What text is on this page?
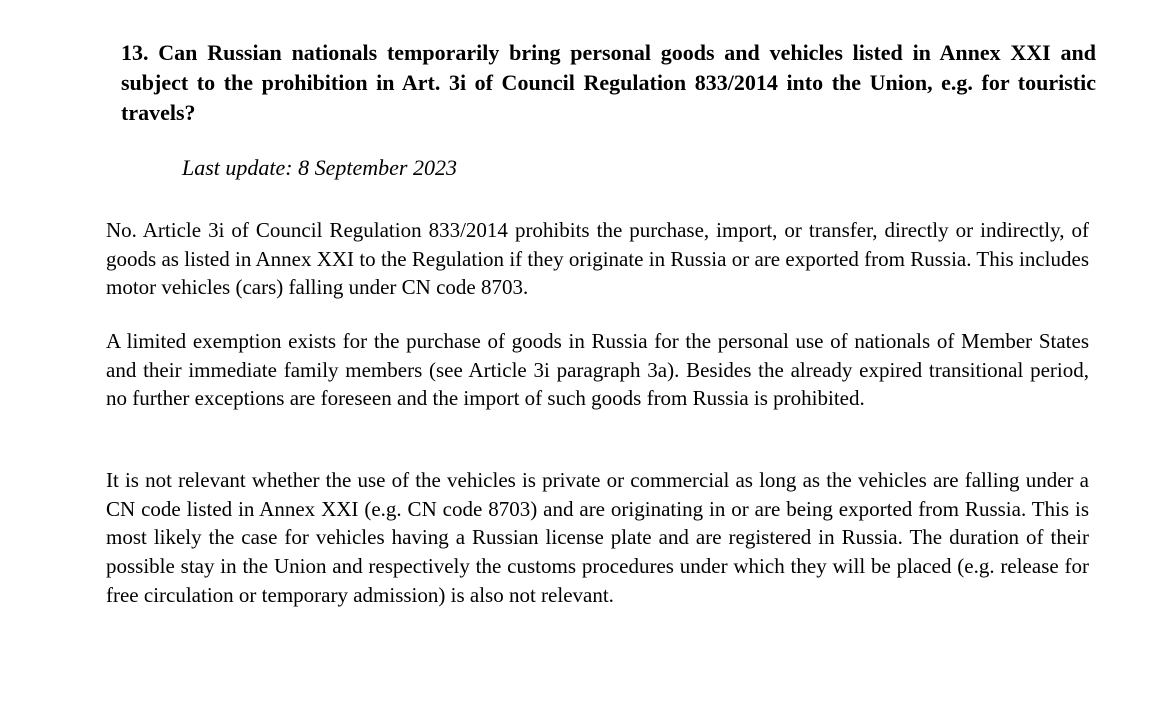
13. Can Russian nationals temporarily bring personal goods and vehicles listed in Annex XXI and subject to the prohibition in Art. 3i of Council Regulation 833/2014 into the Union, e.g. for touristic travels?

Last update: 8 September 2023

No. Article 3i of Council Regulation 833/2014 prohibits the purchase, import, or transfer, directly or indirectly, of goods as listed in Annex XXI to the Regulation if they originate in Russia or are exported from Russia. This includes motor vehicles (cars) falling under CN code 8703.

A limited exemption exists for the purchase of goods in Russia for the personal use of nationals of Member States and their immediate family members (see Article 3i paragraph 3a). Besides the already expired transitional period, no further exceptions are foreseen and the import of such goods from Russia is prohibited.

It is not relevant whether the use of the vehicles is private or commercial as long as the vehicles are falling under a CN code listed in Annex XXI (e.g. CN code 8703) and are originating in or are being exported from Russia. This is most likely the case for vehicles having a Russian license plate and are registered in Russia. The duration of their possible stay in the Union and respectively the customs procedures under which they will be placed (e.g. release for free circulation or temporary admission) is also not relevant.
